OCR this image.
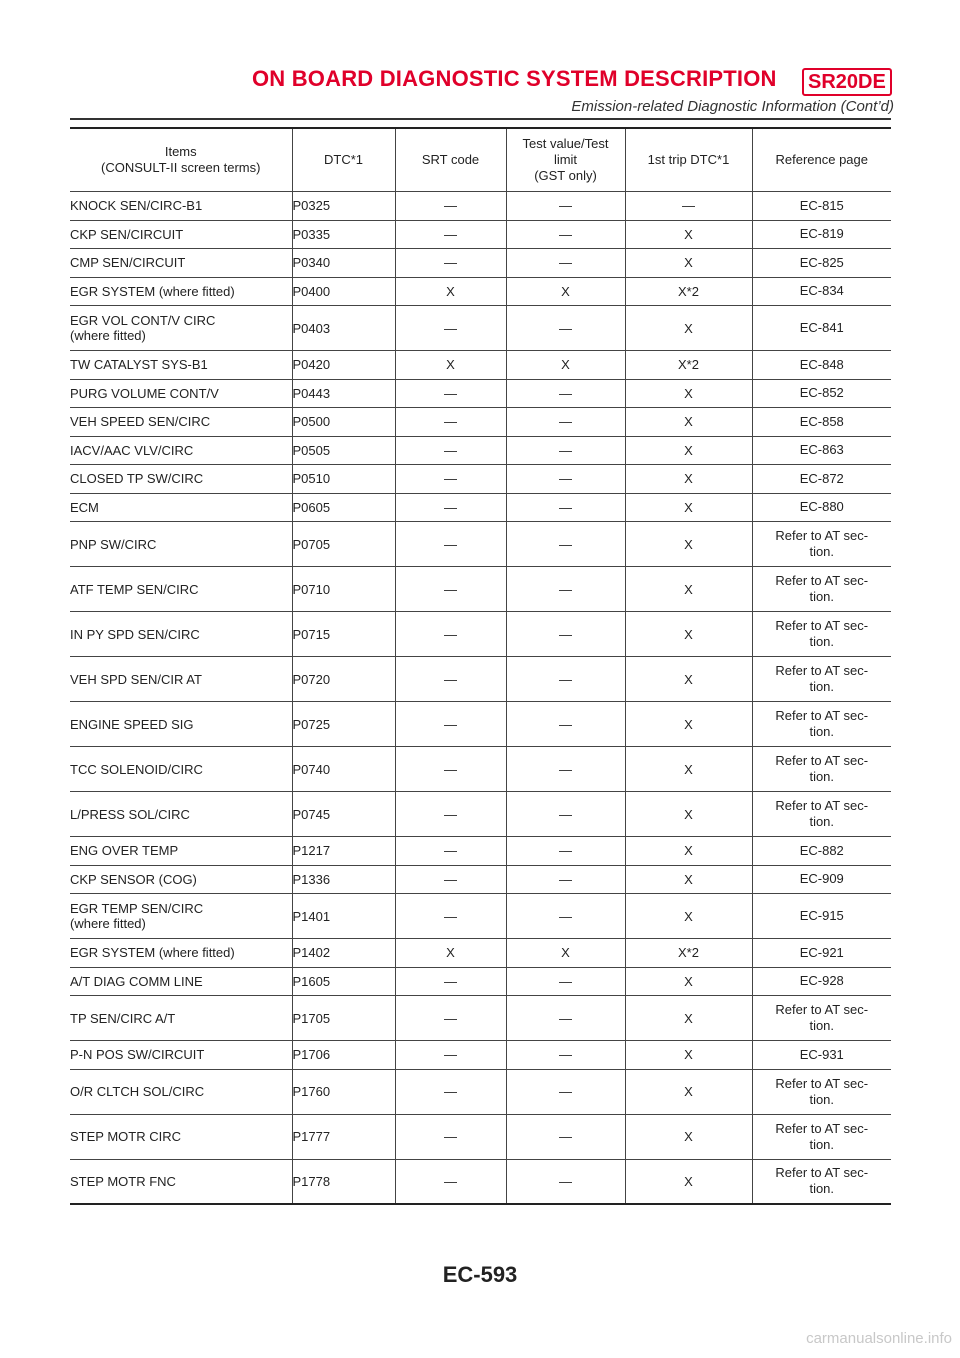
ON BOARD DIAGNOSTIC SYSTEM DESCRIPTION	SR20DE
Emission-related Diagnostic Information (Cont’d)
Items
(CONSULT-II screen terms)	DTC*1	SRT code	Test value/Test
limit
(GST only)	1st trip DTC*1	Reference page
KNOCK SEN/CIRC-B1	P0325	—	—	—	EC-815
CKP SEN/CIRCUIT	P0335	—	—	X	EC-819
CMP SEN/CIRCUIT	P0340	—	—	X	EC-825
EGR SYSTEM (where fitted)	P0400	X	X	X*2	EC-834
EGR VOL CONT/V CIRC
(where fitted)	P0403	—	—	X	EC-841
TW CATALYST SYS-B1	P0420	X	X	X*2	EC-848
PURG VOLUME CONT/V	P0443	—	—	X	EC-852
VEH SPEED SEN/CIRC	P0500	—	—	X	EC-858
IACV/AAC VLV/CIRC	P0505	—	—	X	EC-863
CLOSED TP SW/CIRC	P0510	—	—	X	EC-872
ECM	P0605	—	—	X	EC-880
PNP SW/CIRC	P0705	—	—	X	Refer to AT sec-
tion.
ATF TEMP SEN/CIRC	P0710	—	—	X	Refer to AT sec-
tion.
IN PY SPD SEN/CIRC	P0715	—	—	X	Refer to AT sec-
tion.
VEH SPD SEN/CIR AT	P0720	—	—	X	Refer to AT sec-
tion.
ENGINE SPEED SIG	P0725	—	—	X	Refer to AT sec-
tion.
TCC SOLENOID/CIRC	P0740	—	—	X	Refer to AT sec-
tion.
L/PRESS SOL/CIRC	P0745	—	—	X	Refer to AT sec-
tion.
ENG OVER TEMP	P1217	—	—	X	EC-882
CKP SENSOR (COG)	P1336	—	—	X	EC-909
EGR TEMP SEN/CIRC
(where fitted)	P1401	—	—	X	EC-915
EGR SYSTEM (where fitted)	P1402	X	X	X*2	EC-921
A/T DIAG COMM LINE	P1605	—	—	X	EC-928
TP SEN/CIRC A/T	P1705	—	—	X	Refer to AT sec-
tion.
P-N POS SW/CIRCUIT	P1706	—	—	X	EC-931
O/R CLTCH SOL/CIRC	P1760	—	—	X	Refer to AT sec-
tion.
STEP MOTR CIRC	P1777	—	—	X	Refer to AT sec-
tion.
STEP MOTR FNC	P1778	—	—	X	Refer to AT sec-
tion.
EC-593
carmanualsonline.info
